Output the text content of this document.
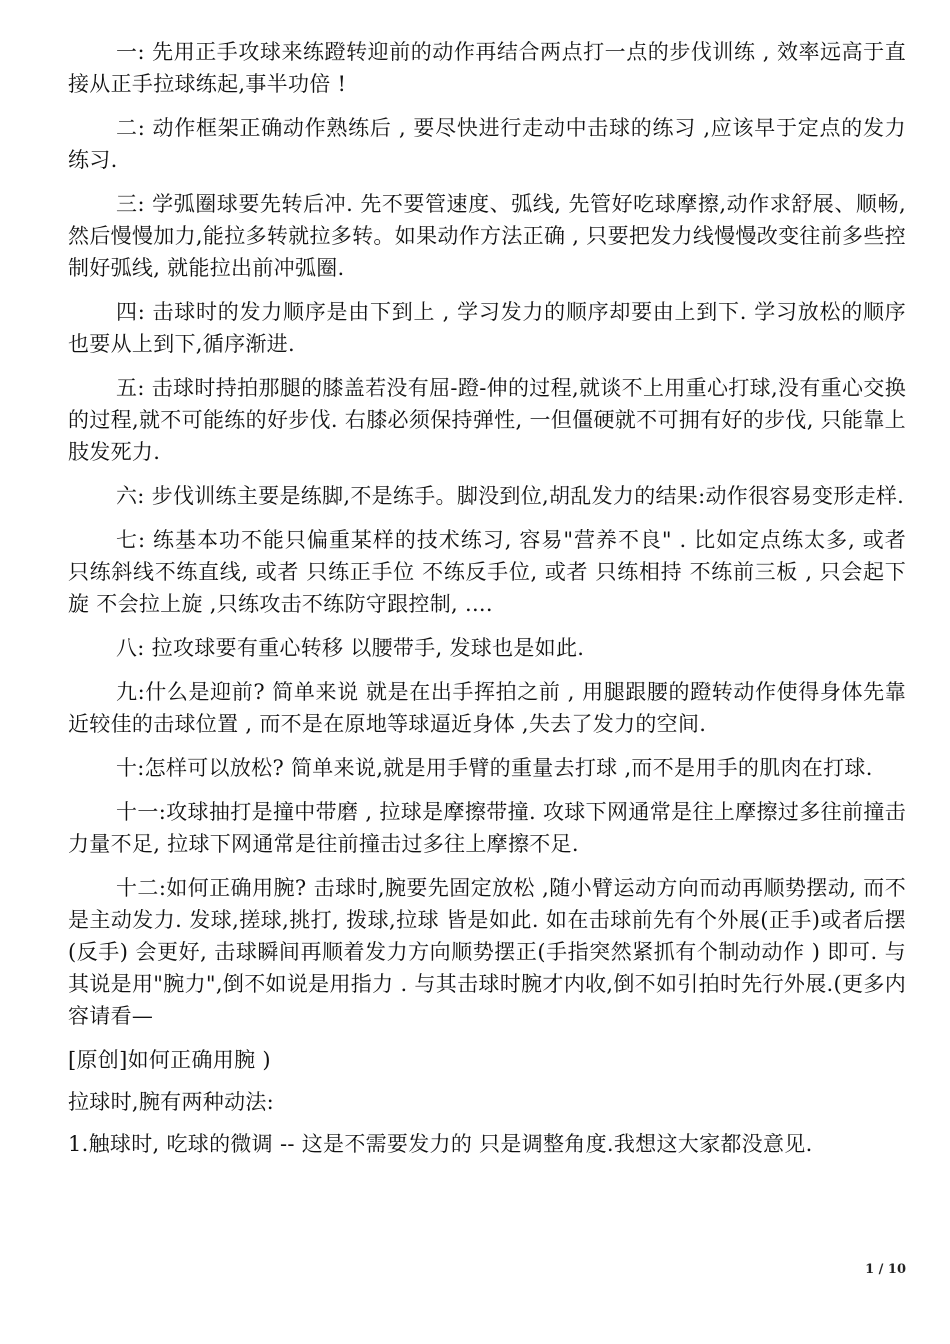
一: 先用正手攻球来练蹬转迎前的动作再结合两点打一点的步伐训练 , 效率远高于直接从正手拉球练起,事半功倍 !

二: 动作框架正确动作熟练后 , 要尽快进行走动中击球的练习 ,应该早于定点的发力练习.

三: 学弧圈球要先转后冲. 先不要管速度、弧线, 先管好吃球摩擦,动作求舒展、顺畅,然后慢慢加力,能拉多转就拉多转。如果动作方法正确 , 只要把发力线慢慢改变往前多些控制好弧线, 就能拉出前冲弧圈.

四: 击球时的发力顺序是由下到上 , 学习发力的顺序却要由上到下. 学习放松的顺序 也要从上到下,循序渐进.

五: 击球时持拍那腿的膝盖若没有屈-蹬-伸的过程,就谈不上用重心打球,没有重心交换的过程,就不可能练的好步伐. 右膝必须保持弹性, 一但僵硬就不可拥有好的步伐, 只能靠上肢发死力.

六: 步伐训练主要是练脚,不是练手。脚没到位,胡乱发力的结果:动作很容易变形走样.

七: 练基本功不能只偏重某样的技术练习, 容易"营养不良" . 比如定点练太多, 或者 只练斜线不练直线, 或者 只练正手位 不练反手位, 或者 只练相持 不练前三板 , 只会起下旋 不会拉上旋 ,只练攻击不练防守跟控制, ....

八: 拉攻球要有重心转移 以腰带手, 发球也是如此.

九:什么是迎前? 简单来说 就是在出手挥拍之前 , 用腿跟腰的蹬转动作使得身体先靠近较佳的击球位置 , 而不是在原地等球逼近身体 ,失去了发力的空间.

十:怎样可以放松? 简单来说,就是用手臂的重量去打球 ,而不是用手的肌肉在打球.

十一:攻球抽打是撞中带磨 , 拉球是摩擦带撞. 攻球下网通常是往上摩擦过多往前撞击力量不足, 拉球下网通常是往前撞击过多往上摩擦不足.

十二:如何正确用腕? 击球时,腕要先固定放松 ,随小臂运动方向而动再顺势摆动, 而不是主动发力. 发球,搓球,挑打, 拨球,拉球 皆是如此. 如在击球前先有个外展(正手)或者后摆(反手) 会更好, 击球瞬间再顺着发力方向顺势摆正(手指突然紧抓有个制动动作 ) 即可. 与其说是用"腕力",倒不如说是用指力 . 与其击球时腕才内收,倒不如引拍时先行外展.(更多内容请看—

[原创]如何正确用腕 )

拉球时,腕有两种动法:

1.触球时, 吃球的微调 -- 这是不需要发力的 只是调整角度.我想这大家都没意见.

1 / 10
